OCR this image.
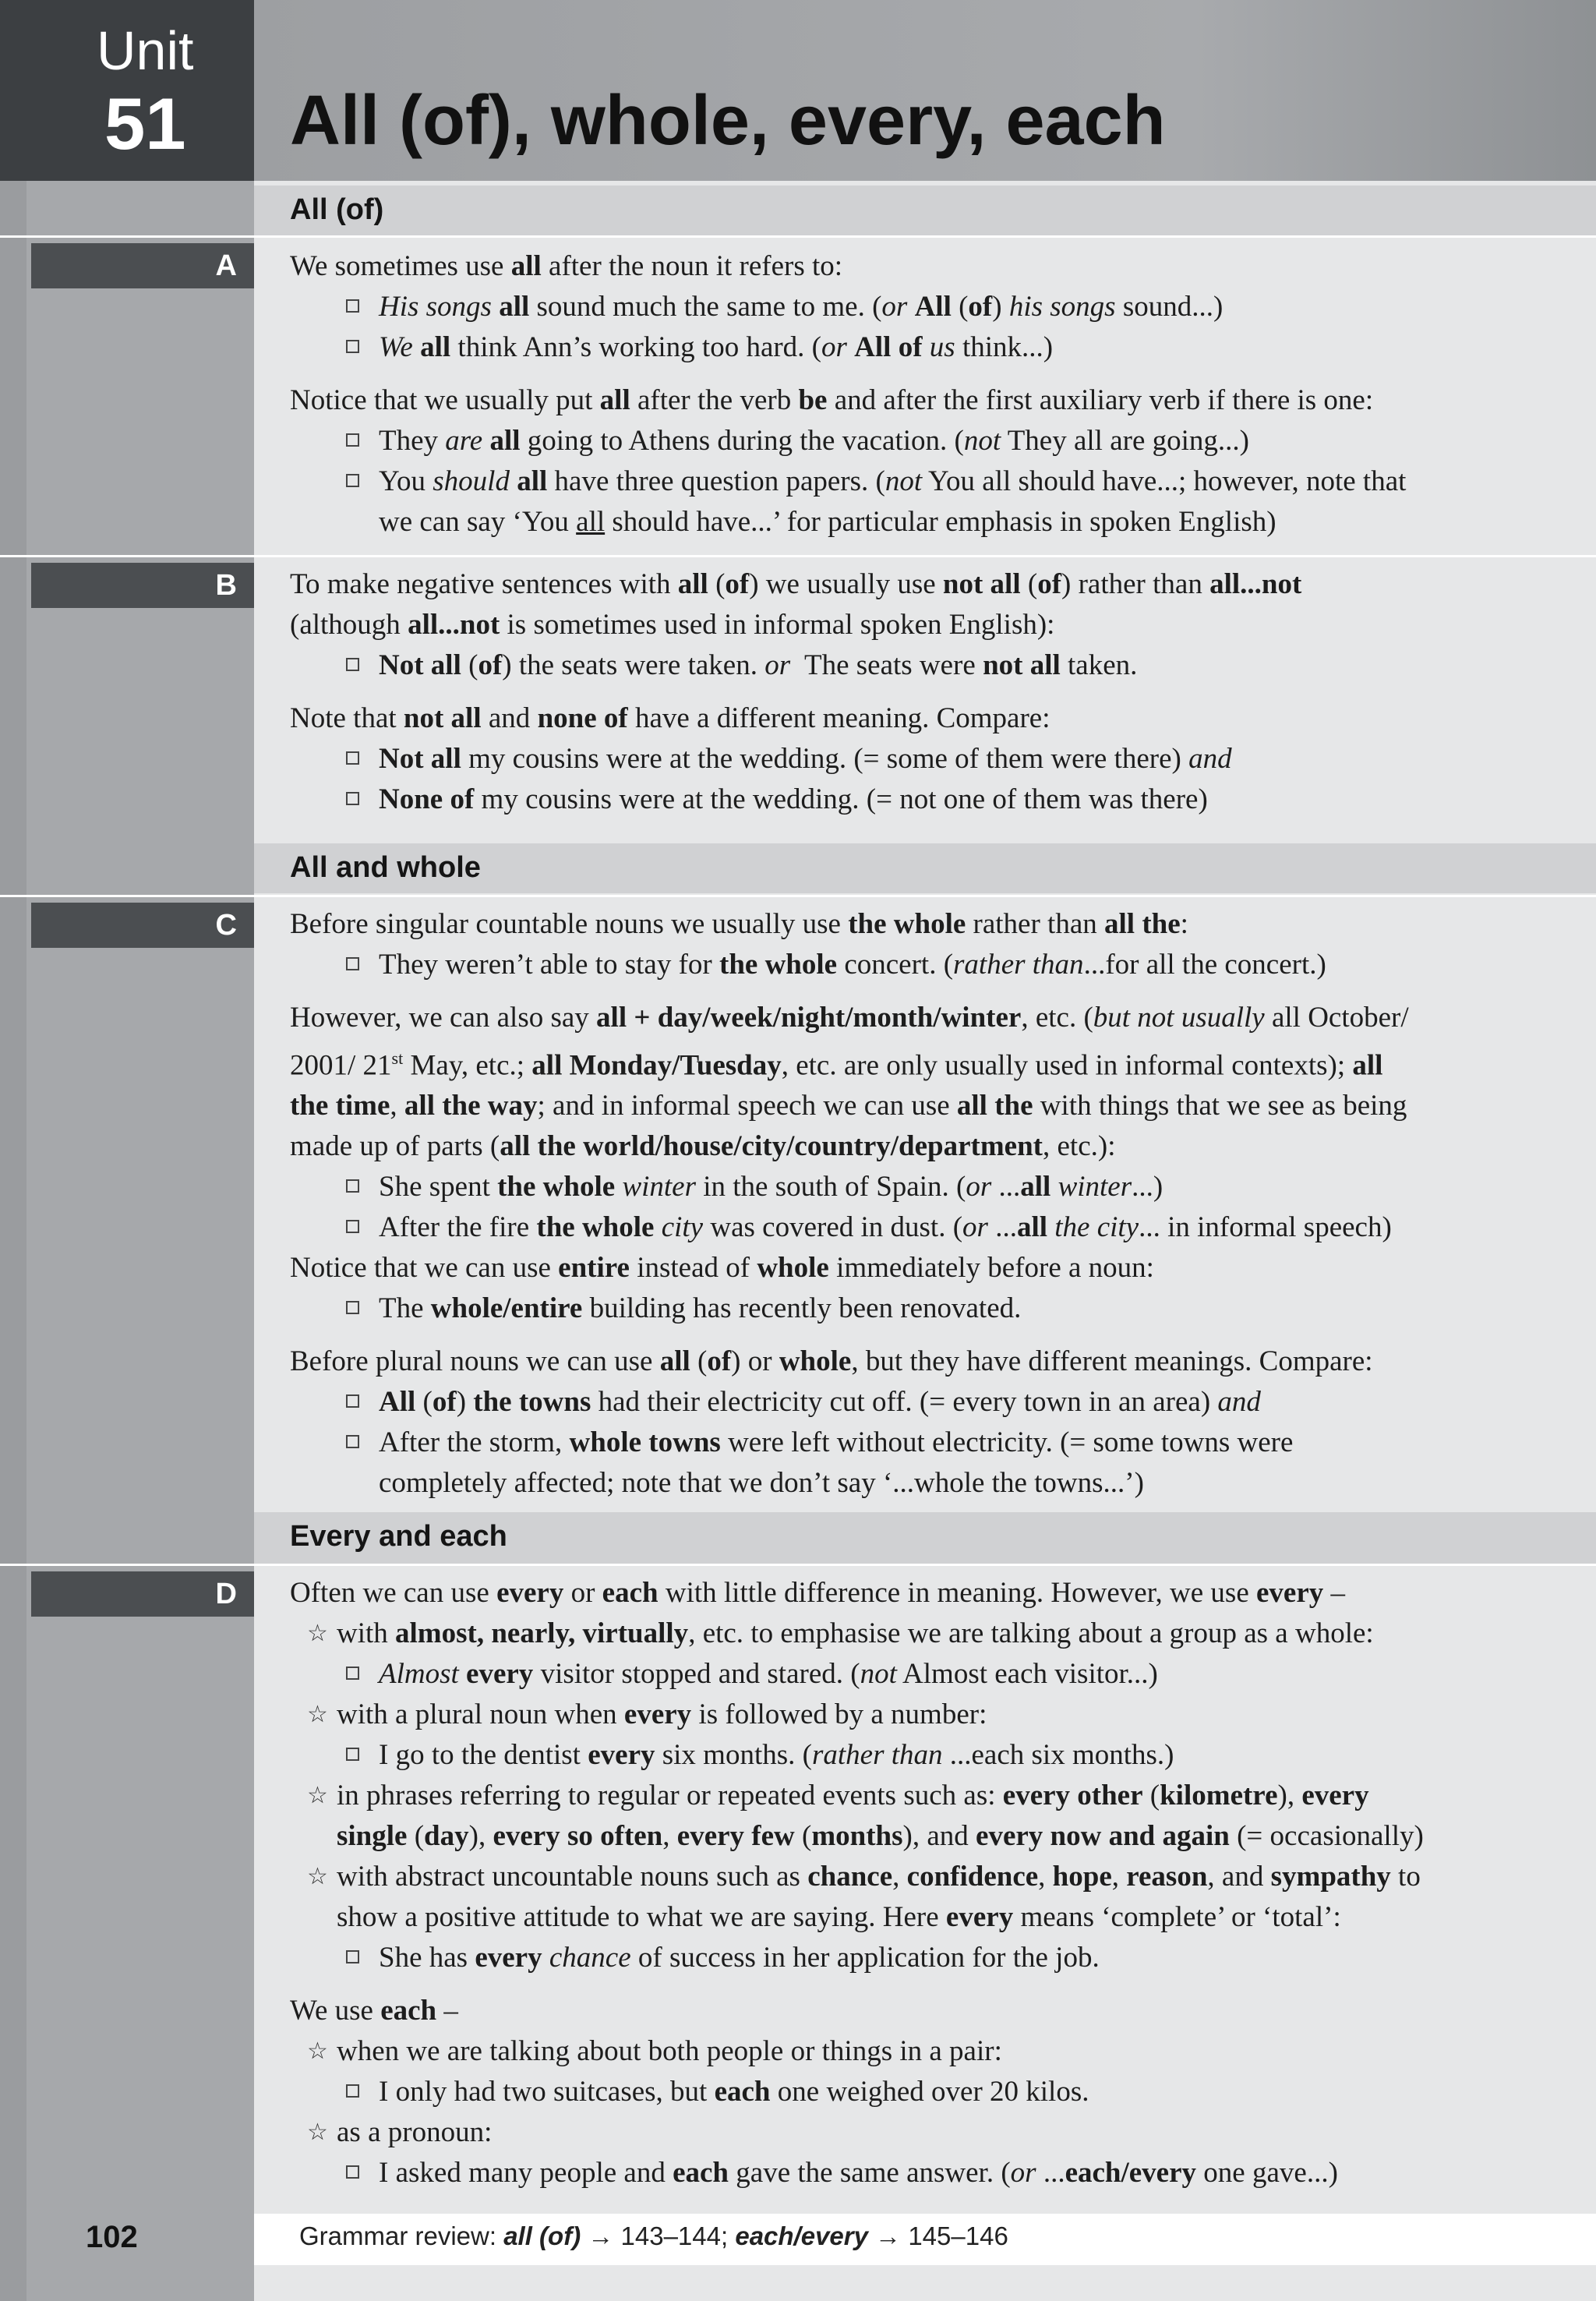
Unit
51 All (of), whole, every, each
All (of)
A We sometimes use all after the noun it refers to:
His songs all sound much the same to me. (or All (of) his songs sound...)
We all think Ann’s working too hard. (or All of us think...)
Notice that we usually put all after the verb be and after the first auxiliary verb if there is one:
They are all going to Athens during the vacation. (not They all are going...)
You should all have three question papers. (not You all should have...; however, note that
we can say ‘You all should have...’ for particular emphasis in spoken English)
B To make negative sentences with all (of) we usually use not all (of) rather than all...not
(although all...not is sometimes used in informal spoken English):
Not all (of) the seats were taken. or  The seats were not all taken.
Note that not all and none of have a different meaning. Compare:
Not all my cousins were at the wedding. (= some of them were there) and
None of my cousins were at the wedding. (= not one of them was there)
All and whole
C Before singular countable nouns we usually use the whole rather than all the:
They weren’t able to stay for the whole concert. (rather than...for all the concert.)
However, we can also say all + day/week/night/month/winter, etc. (but not usually all October/
2001/ 21st May, etc.; all Monday/Tuesday, etc. are only usually used in informal contexts); all
the time, all the way; and in informal speech we can use all the with things that we see as being
made up of parts (all the world/house/city/country/department, etc.):
She spent the whole winter in the south of Spain. (or ...all winter...)
After the fire the whole city was covered in dust. (or ...all the city... in informal speech)
Notice that we can use entire instead of whole immediately before a noun:
The whole/entire building has recently been renovated.
Before plural nouns we can use all (of) or whole, but they have different meanings. Compare:
All (of) the towns had their electricity cut off. (= every town in an area) and
After the storm, whole towns were left without electricity. (= some towns were
completely affected; note that we don’t say ‘...whole the towns...’)
Every and each
D Often we can use every or each with little difference in meaning. However, we use every –
☆ with almost, nearly, virtually, etc. to emphasise we are talking about a group as a whole:
Almost every visitor stopped and stared. (not Almost each visitor...)
☆ with a plural noun when every is followed by a number:
I go to the dentist every six months. (rather than ...each six months.)
☆ in phrases referring to regular or repeated events such as: every other (kilometre), every
single (day), every so often, every few (months), and every now and again (= occasionally)
☆ with abstract uncountable nouns such as chance, confidence, hope, reason, and sympathy to
show a positive attitude to what we are saying. Here every means ‘complete’ or ‘total’:
She has every chance of success in her application for the job.
We use each –
☆ when we are talking about both people or things in a pair:
I only had two suitcases, but each one weighed over 20 kilos.
☆ as a pronoun:
I asked many people and each gave the same answer. (or ...each/every one gave...)
102	Grammar review: all (of) → 143–144; each/every → 145–146
